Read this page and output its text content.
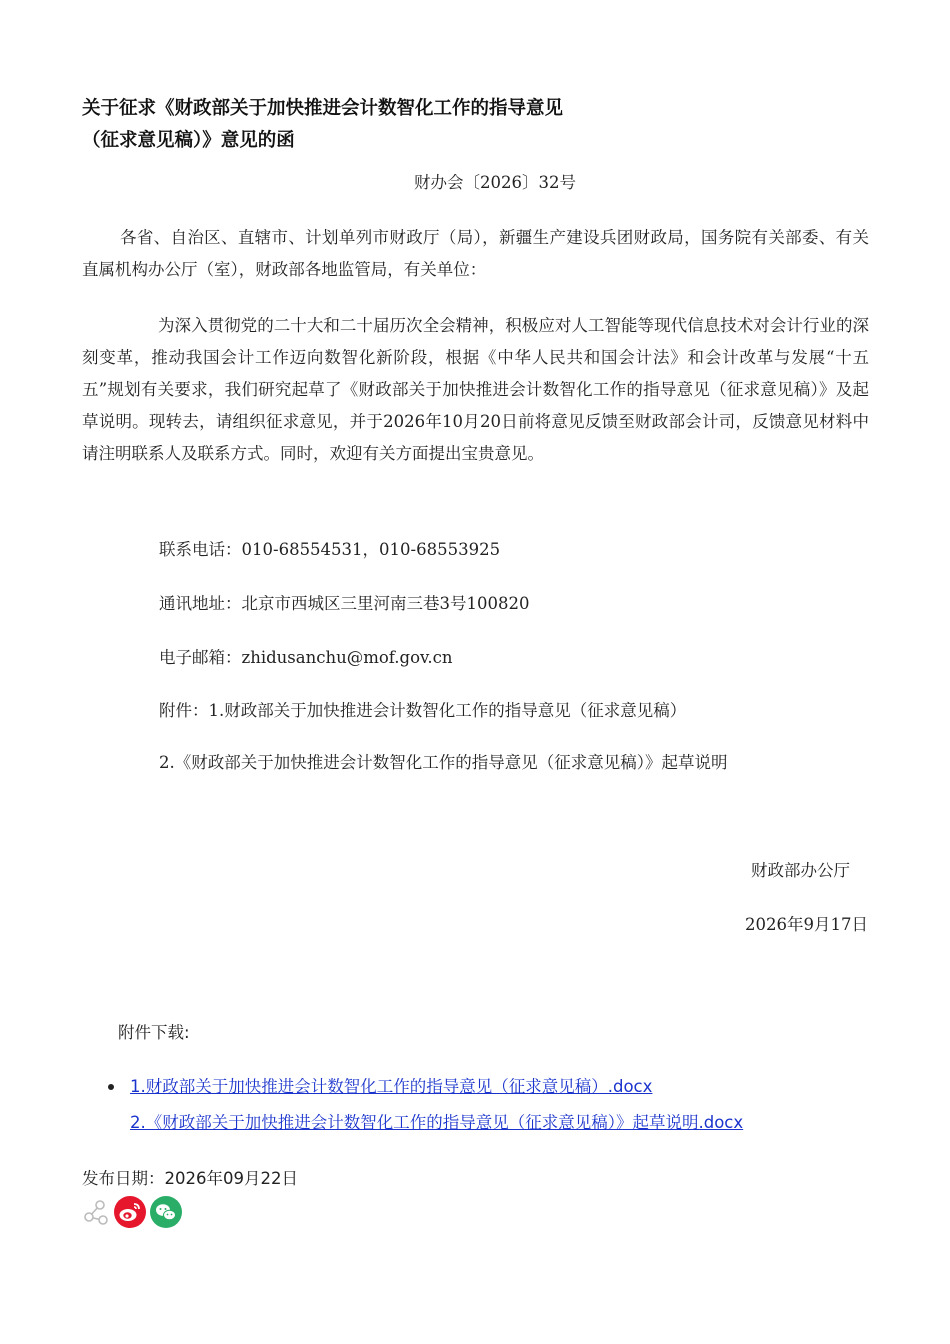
关于征求《财政部关于加快推进会计数智化工作的指导意见
（征求意见稿）》意见的函
财办会〔2026〕32号
各省、自治区、直辖市、计划单列市财政厅（局），新疆生产建设兵团财政局，国务院有关部委、有关直属机构办公厅（室），财政部各地监管局，有关单位：
为深入贯彻党的二十大和二十届历次全会精神，积极应对人工智能等现代信息技术对会计行业的深刻变革，推动我国会计工作迈向数智化新阶段，根据《中华人民共和国会计法》和会计改革与发展“十五五”规划有关要求，我们研究起草了《财政部关于加快推进会计数智化工作的指导意见（征求意见稿）》及起草说明。现转去，请组织征求意见，并于2026年10月20日前将意见反馈至财政部会计司，反馈意见材料中请注明联系人及联系方式。同时，欢迎有关方面提出宝贵意见。
联系电话：010-68554531，010-68553925
通讯地址：北京市西城区三里河南三巷3号100820
电子邮箱：zhidusanchu@mof.gov.cn
附件：1.财政部关于加快推进会计数智化工作的指导意见（征求意见稿）
2.《财政部关于加快推进会计数智化工作的指导意见（征求意见稿）》起草说明
财政部办公厅
2026年9月17日
附件下载:
1.财政部关于加快推进会计数智化工作的指导意见（征求意见稿）.docx
2.《财政部关于加快推进会计数智化工作的指导意见（征求意见稿）》起草说明.docx
发布日期：2026年09月22日
